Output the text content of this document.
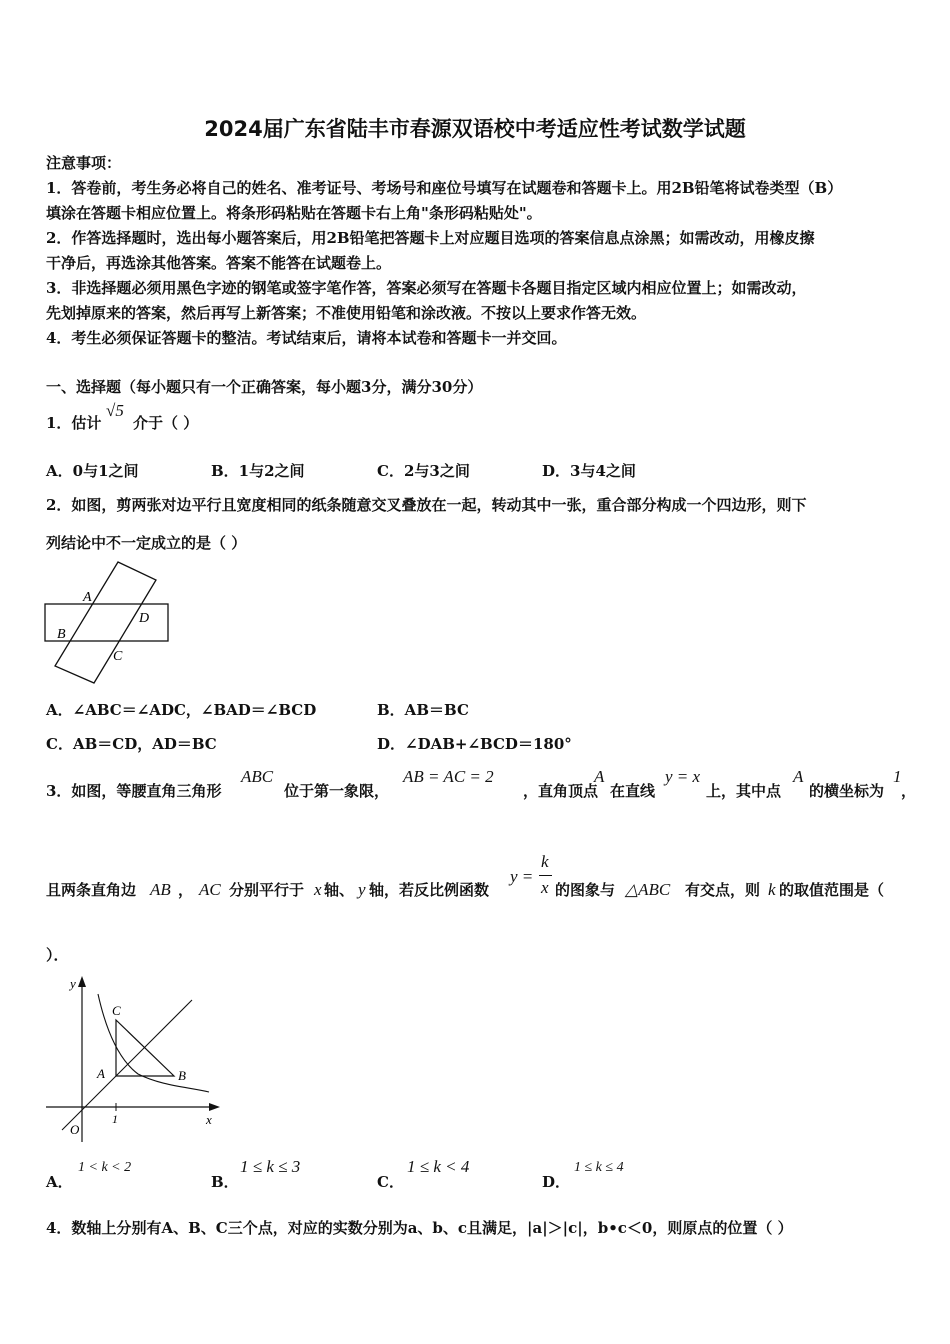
2024届广东省陆丰市春源双语校中考适应性考试数学试题
注意事项：
1．答卷前，考生务必将自己的姓名、准考证号、考场号和座位号填写在试题卷和答题卡上。用2B铅笔将试卷类型（B）
填涂在答题卡相应位置上。将条形码粘贴在答题卡右上角"条形码粘贴处"。
2．作答选择题时，选出每小题答案后，用2B铅笔把答题卡上对应题目选项的答案信息点涂黑；如需改动，用橡皮擦
干净后，再选涂其他答案。答案不能答在试题卷上。
3．非选择题必须用黑色字迹的钢笔或签字笔作答，答案必须写在答题卡各题目指定区域内相应位置上；如需改动，
先划掉原来的答案，然后再写上新答案；不准使用铅笔和涂改液。不按以上要求作答无效。
4．考生必须保证答题卡的整洁。考试结束后，请将本试卷和答题卡一并交回。
一、选择题（每小题只有一个正确答案，每小题3分，满分30分）
1．估计
√5
介于（ ）
A．0与1之间	B．1与2之间	C．2与3之间	D．3与4之间
2．如图，剪两张对边平行且宽度相同的纸条随意交叉叠放在一起，转动其中一张，重合部分构成一个四边形，则下
列结论中不一定成立的是（ ）
A
B
C
D
A．∠ABC＝∠ADC，∠BAD＝∠BCD	B．AB＝BC
C．AB＝CD，AD＝BC	D．∠DAB+∠BCD＝180°
3．如图，等腰直角三角形
ABC
位于第一象限，
AB = AC = 2
，直角顶点
A
在直线
y = x
上，其中点
A
的横坐标为
1
，
且两条直角边 AB ， AC 分别平行于 x 轴、 y 轴，若反比例函数
y =
k
x 的图象与 △ABC 有交点，则 k 的取值范围是（
）．
y
C
A	B
O
1	x
A．
1 < k < 2
B．
1 ≤ k ≤ 3
C．
1 ≤ k < 4
D．
1 ≤ k ≤ 4
4．数轴上分别有A、B、C三个点，对应的实数分别为a、b、c且满足，|a|＞|c|，b•c＜0，则原点的位置（ ）
